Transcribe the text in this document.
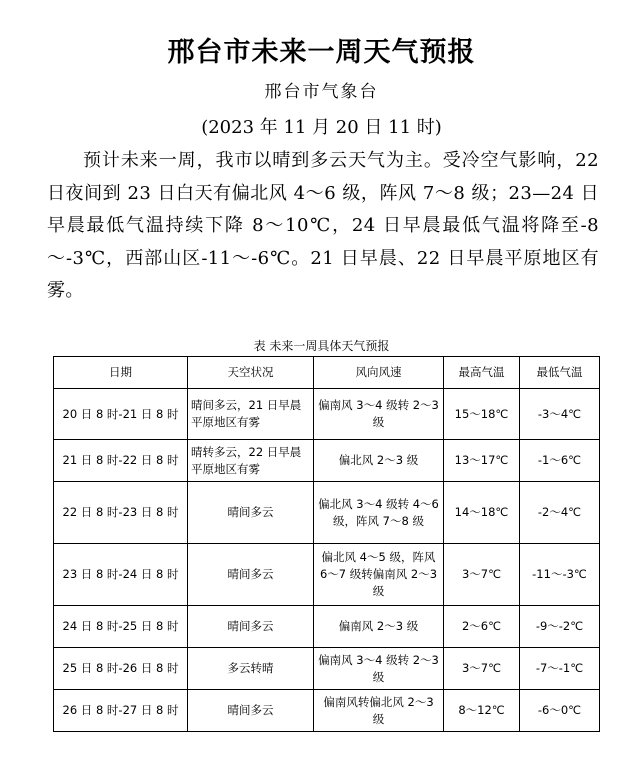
邢台市未来一周天气预报
邢台市气象台
(2023 年 11 月 20 日 11 时)
预计未来一周，我市以晴到多云天气为主。受冷空气影响，22 日夜间到 23 日白天有偏北风 4～6 级，阵风 7～8 级；23—24 日早晨最低气温持续下降 8～10℃，24 日早晨最低气温将降至-8～-3℃，西部山区-11～-6℃。21 日早晨、22 日早晨平原地区有雾。
表 未来一周具体天气预报
日期	天空状况	风向风速	最高气温	最低气温
20 日 8 时-21 日 8 时	晴间多云，21 日早晨平原地区有雾	偏南风 3～4 级转 2～3 级	15～18℃	-3～4℃
21 日 8 时-22 日 8 时	晴转多云，22 日早晨平原地区有雾	偏北风 2～3 级	13～17℃	-1～6℃
22 日 8 时-23 日 8 时	晴间多云	偏北风 3～4 级转 4～6 级，阵风 7～8 级	14～18℃	-2～4℃
23 日 8 时-24 日 8 时	晴间多云	偏北风 4～5 级，阵风 6～7 级转偏南风 2～3 级	3～7℃	-11～-3℃
24 日 8 时-25 日 8 时	晴间多云	偏南风 2～3 级	2～6℃	-9～-2℃
25 日 8 时-26 日 8 时	多云转晴	偏南风 3～4 级转 2～3 级	3～7℃	-7～-1℃
26 日 8 时-27 日 8 时	晴间多云	偏南风转偏北风 2～3 级	8～12℃	-6～0℃
